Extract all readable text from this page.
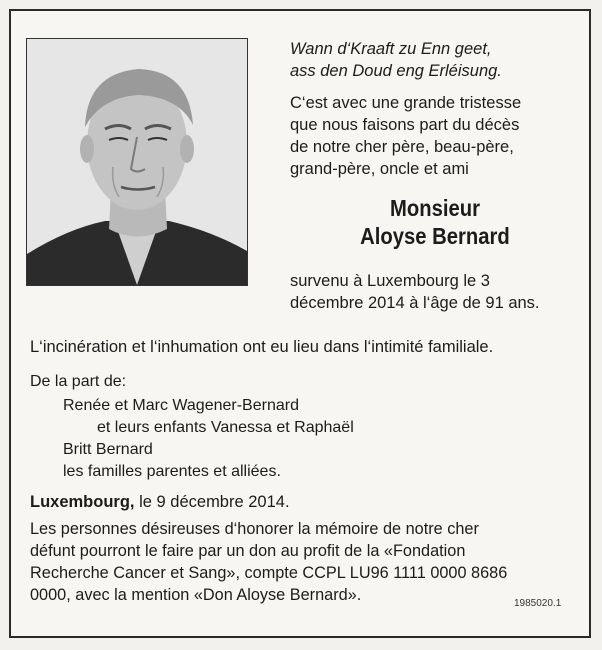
Wann d‘Kraaft zu Enn geet,
ass den Doud eng Erléisung.

C‘est avec une grande tristesse
que nous faisons part du décès
de notre cher père, beau-père,
grand-père, oncle et ami

Monsieur
Aloyse Bernard

survenu à Luxembourg le 3
décembre 2014 à l‘âge de 91 ans.

L‘incinération et l‘inhumation ont eu lieu dans l‘intimité familiale.

De la part de:

Renée et Marc Wagener-Bernard
et leurs enfants Vanessa et Raphaël
Britt Bernard
les familles parentes et alliées.

Luxembourg, le 9 décembre 2014.

Les personnes désireuses d‘honorer la mémoire de notre cher
défunt pourront le faire par un don au profit de la «Fondation
Recherche Cancer et Sang», compte CCPL LU96 1111 0000 8686
0000, avec la mention «Don Aloyse Bernard».	1985020.1
